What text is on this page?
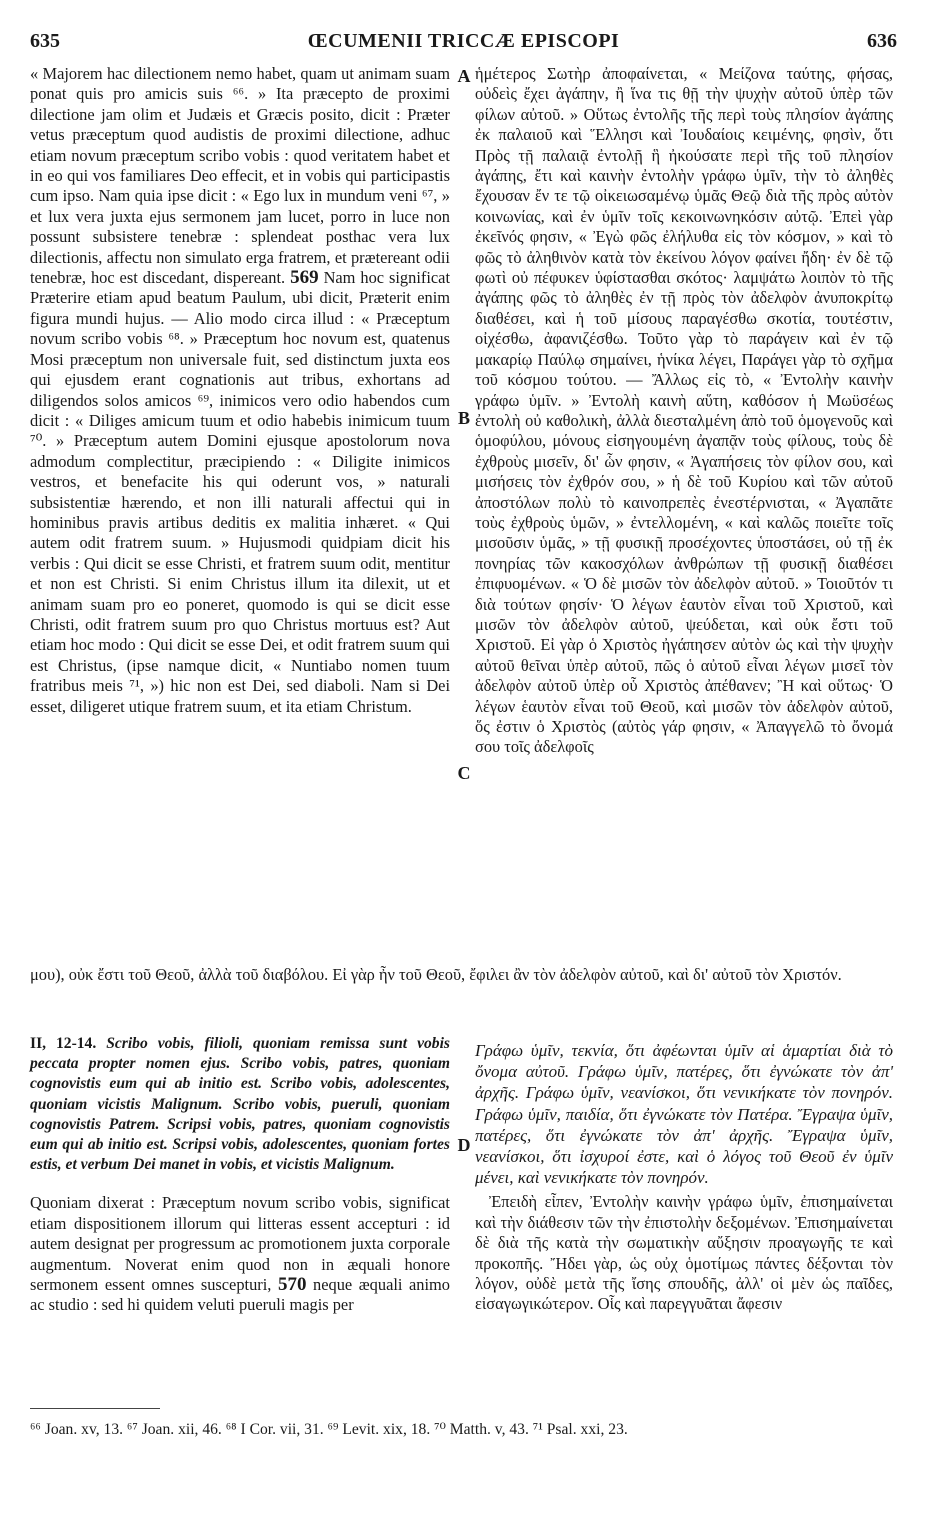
635	ŒCUMENII TRICCÆ EPISCOPI	636
A
B
C
D

« Majorem hac dilectionem nemo habet, quam ut animam suam ponat quis pro amicis suis ⁶⁶. » Ita præcepto de proximi dilectione jam olim et Judæis et Græcis posito, dicit : Præter vetus præceptum quod audistis de proximi dilectione, adhuc etiam novum præceptum scribo vobis : quod veritatem habet et in eo qui vos familiares Deo effecit, et in vobis qui participastis cum ipso. Nam quia ipse dicit : « Ego lux in mundum veni ⁶⁷, » et lux vera juxta ejus sermonem jam lucet, porro in luce non possunt subsistere tenebræ : splendeat posthac vera lux dilectionis, affectu non simulato erga fratrem, et prætereant odii tenebræ, hoc est discedant, dispereant. 569 Nam hoc significat Præterire etiam apud beatum Paulum, ubi dicit, Præterit enim figura mundi hujus. — Alio modo circa illud : « Præceptum novum scribo vobis ⁶⁸. » Præceptum hoc novum est, quatenus Mosi præceptum non universale fuit, sed distinctum juxta eos qui ejusdem erant cognationis aut tribus, exhortans ad diligendos solos amicos ⁶⁹, inimicos vero odio habendos cum dicit : « Diliges amicum tuum et odio habebis inimicum tuum ⁷⁰. » Præceptum autem Domini ejusque apostolorum nova admodum complectitur, præcipiendo : « Diligite inimicos vestros, et benefacite his qui oderunt vos, » naturali subsistentiæ hærendo, et non illi naturali affectui qui in hominibus pravis artibus deditis ex malitia inhæret. « Qui autem odit fratrem suum. » Hujusmodi quidpiam dicit his verbis : Qui dicit se esse Christi, et fratrem suum odit, mentitur et non est Christi. Si enim Christus illum ita dilexit, ut et animam suam pro eo poneret, quomodo is qui se dicit esse Christi, odit fratrem suum pro quo Christus mortuus est? Aut etiam hoc modo : Qui dicit se esse Dei, et odit fratrem suum qui est Christus, (ipse namque dicit, « Nuntiabo nomen tuum fratribus meis ⁷¹, ») hic non est Dei, sed diaboli. Nam si Dei esset, diligeret utique fratrem suum, et ita etiam Christum.

ἡμέτερος Σωτὴρ ἀποφαίνεται, « Μείζονα ταύτης, φήσας, οὐδεὶς ἔχει ἀγάπην, ἢ ἵνα τις θῇ τὴν ψυχὴν αὐτοῦ ὑπὲρ τῶν φίλων αὐτοῦ. » Οὕτως ἐντολῆς τῆς περὶ τοὺς πλησίον ἀγάπης ἐκ παλαιοῦ καὶ Ἕλλησι καὶ Ἰουδαίοις κειμένης, φησὶν, ὅτι Πρὸς τῇ παλαιᾷ ἐντολῇ ἣ ἠκούσατε περὶ τῆς τοῦ πλησίον ἀγάπης, ἔτι καὶ καινὴν ἐντολὴν γράφω ὑμῖν, τὴν τὸ ἀληθὲς ἔχουσαν ἔν τε τῷ οἰκειωσαμένῳ ὑμᾶς Θεῷ διὰ τῆς πρὸς αὐτὸν κοινωνίας, καὶ ἐν ὑμῖν τοῖς κεκοινωνηκόσιν αὐτῷ. Ἐπεὶ γὰρ ἐκεῖνός φησιν, « Ἐγὼ φῶς ἐλήλυθα εἰς τὸν κόσμον, » καὶ τὸ φῶς τὸ ἀληθινὸν κατὰ τὸν ἐκείνου λόγον φαίνει ἤδη· ἐν δὲ τῷ φωτὶ οὐ πέφυκεν ὑφίστασθαι σκότος· λαμψάτω λοιπὸν τὸ τῆς ἀγάπης φῶς τὸ ἀληθὲς ἐν τῇ πρὸς τὸν ἀδελφὸν ἀνυποκρίτῳ διαθέσει, καὶ ἡ τοῦ μίσους παραγέσθω σκοτία, τουτέστιν, οἰχέσθω, ἀφανιζέσθω. Τοῦτο γὰρ τὸ παράγειν καὶ ἐν τῷ μακαρίῳ Παύλῳ σημαίνει, ἡνίκα λέγει, Παράγει γὰρ τὸ σχῆμα τοῦ κόσμου τούτου. — Ἄλλως εἰς τὸ, « Ἐντολὴν καινὴν γράφω ὑμῖν. » Ἐντολὴ καινὴ αὕτη, καθόσον ἡ Μωϋσέως ἐντολὴ οὐ καθολικὴ, ἀλλὰ διεσταλμένη ἀπὸ τοῦ ὁμογενοῦς καὶ ὁμοφύλου, μόνους εἰσηγουμένη ἀγαπᾷν τοὺς φίλους, τοὺς δὲ ἐχθροὺς μισεῖν, δι' ὧν φησιν, « Ἀγαπήσεις τὸν φίλον σου, καὶ μισήσεις τὸν ἐχθρόν σου, » ἡ δὲ τοῦ Κυρίου καὶ τῶν αὐτοῦ ἀποστόλων πολὺ τὸ καινοπρεπὲς ἐνεστέρνισται, « Ἀγαπᾶτε τοὺς ἐχθροὺς ὑμῶν, » ἐντελλομένη, « καὶ καλῶς ποιεῖτε τοῖς μισοῦσιν ὑμᾶς, » τῇ φυσικῇ προσέχοντες ὑποστάσει, οὐ τῇ ἐκ πονηρίας τῶν κακοσχόλων ἀνθρώπων τῇ φυσικῇ διαθέσει ἐπιφυομένων. « Ὁ δὲ μισῶν τὸν ἀδελφὸν αὐτοῦ. » Τοιοῦτόν τι διὰ τούτων φησίν· Ὁ λέγων ἑαυτὸν εἶναι τοῦ Χριστοῦ, καὶ μισῶν τὸν ἀδελφὸν αὐτοῦ, ψεύδεται, καὶ οὐκ ἔστι τοῦ Χριστοῦ. Εἰ γὰρ ὁ Χριστὸς ἠγάπησεν αὐτὸν ὡς καὶ τὴν ψυχὴν αὐτοῦ θεῖναι ὑπὲρ αὐτοῦ, πῶς ὁ αὐτοῦ εἶναι λέγων μισεῖ τὸν ἀδελφὸν αὐτοῦ ὑπὲρ οὗ Χριστὸς ἀπέθανεν; Ἢ καὶ οὕτως· Ὁ λέγων ἑαυτὸν εἶναι τοῦ Θεοῦ, καὶ μισῶν τὸν ἀδελφὸν αὐτοῦ, ὅς ἐστιν ὁ Χριστὸς (αὐτὸς γάρ φησιν, « Ἀπαγγελῶ τὸ ὄνομά σου τοῖς ἀδελφοῖς

μου), οὐκ ἔστι τοῦ Θεοῦ, ἀλλὰ τοῦ διαβόλου. Εἰ γὰρ ἦν τοῦ Θεοῦ, ἔφιλει ἂν τὸν ἀδελφὸν αὐτοῦ, καὶ δι' αὐτοῦ τὸν Χριστόν.

II, 12-14. Scribo vobis, filioli, quoniam remissa sunt vobis peccata propter nomen ejus. Scribo vobis, patres, quoniam cognovistis eum qui ab initio est. Scribo vobis, adolescentes, quoniam vicistis Malignum. Scribo vobis, pueruli, quoniam cognovistis Patrem. Scripsi vobis, patres, quoniam cognovistis eum qui ab initio est. Scripsi vobis, adolescentes, quoniam fortes estis, et verbum Dei manet in vobis, et vicistis Malignum.

Quoniam dixerat : Præceptum novum scribo vobis, significat etiam dispositionem illorum qui litteras essent accepturi : id autem designat per progressum ac promotionem juxta corporale augmentum. Noverat enim quod non in æquali honore sermonem essent omnes suscepturi, 570 neque æquali animo ac studio : sed hi quidem veluti pueruli magis per

Γράφω ὑμῖν, τεκνία, ὅτι ἀφέωνται ὑμῖν αἱ ἁμαρτίαι διὰ τὸ ὄνομα αὐτοῦ. Γράφω ὑμῖν, πατέρες, ὅτι ἐγνώκατε τὸν ἀπ' ἀρχῆς. Γράφω ὑμῖν, νεανίσκοι, ὅτι νενικήκατε τὸν πονηρόν. Γράφω ὑμῖν, παιδία, ὅτι ἐγνώκατε τὸν Πατέρα. Ἔγραψα ὑμῖν, πατέρες, ὅτι ἐγνώκατε τὸν ἀπ' ἀρχῆς. Ἔγραψα ὑμῖν, νεανίσκοι, ὅτι ἰσχυροί ἐστε, καὶ ὁ λόγος τοῦ Θεοῦ ἐν ὑμῖν μένει, καὶ νενικήκατε τὸν πονηρόν.

Ἐπειδὴ εἶπεν, Ἐντολὴν καινὴν γράφω ὑμῖν, ἐπισημαίνεται καὶ τὴν διάθεσιν τῶν τὴν ἐπιστολὴν δεξομένων. Ἐπισημαίνεται δὲ διὰ τῆς κατὰ τὴν σωματικὴν αὔξησιν προαγωγῆς τε καὶ προκοπῆς. Ἤδει γὰρ, ὡς οὐχ ὁμοτίμως πάντες δέξονται τὸν λόγον, οὐδὲ μετὰ τῆς ἴσης σπουδῆς, ἀλλ' οἱ μὲν ὡς παῖδες, εἰσαγωγικώτερον. Οἷς καὶ παρεγγυᾶται ἄφεσιν

⁶⁶ Joan. xv, 13. ⁶⁷ Joan. xii, 46. ⁶⁸ I Cor. vii, 31. ⁶⁹ Levit. xix, 18. ⁷⁰ Matth. v, 43. ⁷¹ Psal. xxi, 23.
